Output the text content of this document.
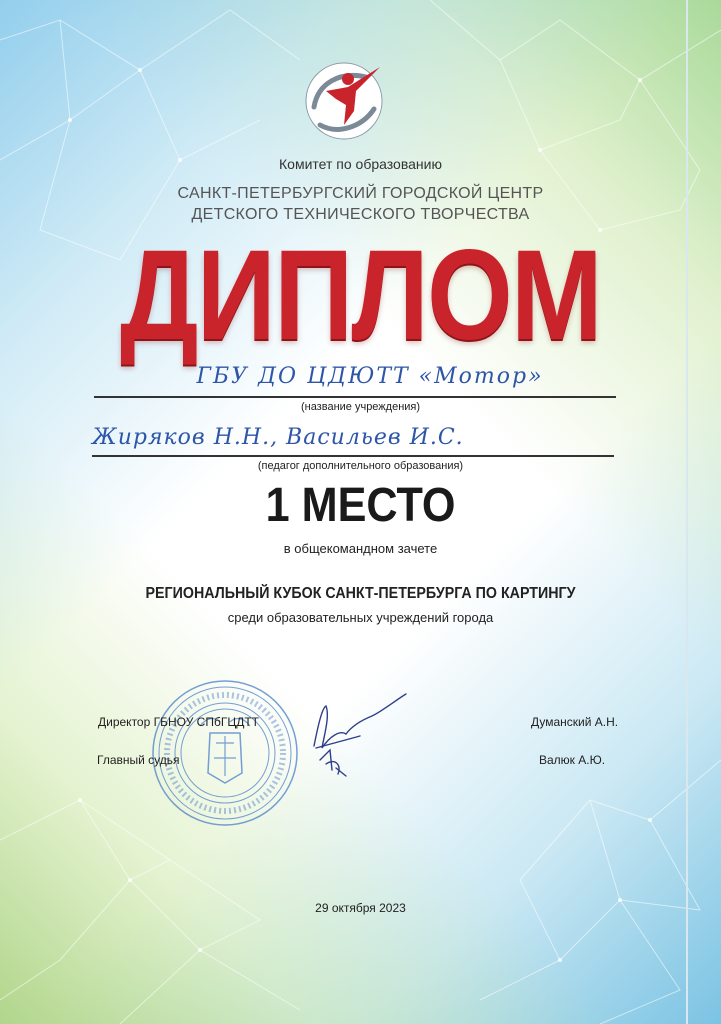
Комитет по образованию

САНКТ-ПЕТЕРБУРГСКИЙ ГОРОДСКОЙ ЦЕНТР
ДЕТСКОГО ТЕХНИЧЕСКОГО ТВОРЧЕСТВА
ДИПЛОМ
ГБУ ДО ЦДЮТТ «Мотор»

(название учреждения)

Жиряков Н.Н., Васильев И.С.

(педагог дополнительного образования)

1 МЕСТО

в общекомандном зачете

РЕГИОНАЛЬНЫЙ КУБОК САНКТ-ПЕТЕРБУРГА ПО КАРТИНГУ

среди образовательных учреждений города

Директор ГБНОУ СПбГЦДТТ	Думанский А.Н.

Главный судья	Валюк А.Ю.

29 октября 2023
